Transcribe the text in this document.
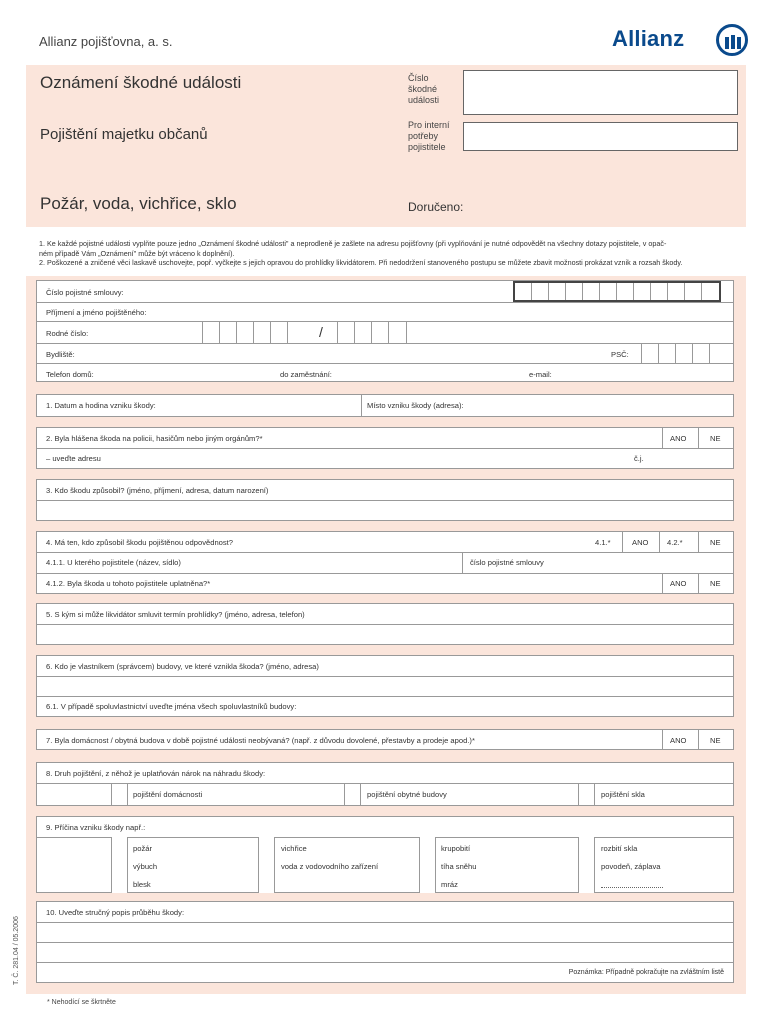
Allianz pojišťovna, a. s.	Allianz
T. Č. 281.04 / 05.2006
Oznámení škodné události
Pojištění majetku občanů
Požár, voda, vichřice, sklo
Číslo
škodné
události
Pro interní
potřeby
pojistitele
Doručeno:
1. Ke každé pojistné události vyplňte pouze jedno „Oznámení škodné události" a neprodleně je zašlete na adresu pojišťovny (při vyplňování je nutné odpovědět na všechny dotazy pojistitele, v opač-
ném případě Vám „Oznámení" může být vráceno k doplnění).
2. Poškozené a zničené věci laskavě uschovejte, popř. vyčkejte s jejich opravou do prohlídky likvidátorem. Při nedodržení stanoveného postupu se můžete zbavit možnosti prokázat vznik a rozsah škody.
Číslo pojistné smlouvy:
Příjmení a jméno pojištěného:
Rodné číslo:	/
Bydliště:	PSČ:
Telefon domů:	do zaměstnání:	e-mail:
1. Datum a hodina vzniku škody:	Místo vzniku škody (adresa):
2. Byla hlášena škoda na policii, hasičům nebo jiným orgánům?*	ANO	NE
– uveďte adresu	č.j.
3. Kdo škodu způsobil? (jméno, příjmení, adresa, datum narození)
4. Má ten, kdo způsobil škodu pojištěnou odpovědnost?	4.1.*	ANO 4.2.*	NE
4.1.1. U kterého pojistitele (název, sídlo)	číslo pojistné smlouvy
4.1.2. Byla škoda u tohoto pojistitele uplatněna?*	ANO	NE
5. S kým si může likvidátor smluvit termín prohlídky? (jméno, adresa, telefon)
6. Kdo je vlastníkem (správcem) budovy, ve které vznikla škoda? (jméno, adresa)
6.1. V případě spoluvlastnictví uveďte jména všech spoluvlastníků budovy:
7. Byla domácnost / obytná budova v době pojistné události neobývaná? (např. z důvodu dovolené, přestavby a prodeje apod.)*	ANO	NE
8. Druh pojištění, z něhož je uplatňován nárok na náhradu škody:
pojištění domácnosti	pojištění obytné budovy	pojištění skla
9. Příčina vzniku škody např.:
požár
výbuch
blesk
vichřice
voda z vodovodního zařízení
krupobití
tíha sněhu
mráz
rozbití skla
povodeň, záplava
10. Uveďte stručný popis průběhu škody:
Poznámka: Případně pokračujte na zvláštním listě
* Nehodící se škrtněte
